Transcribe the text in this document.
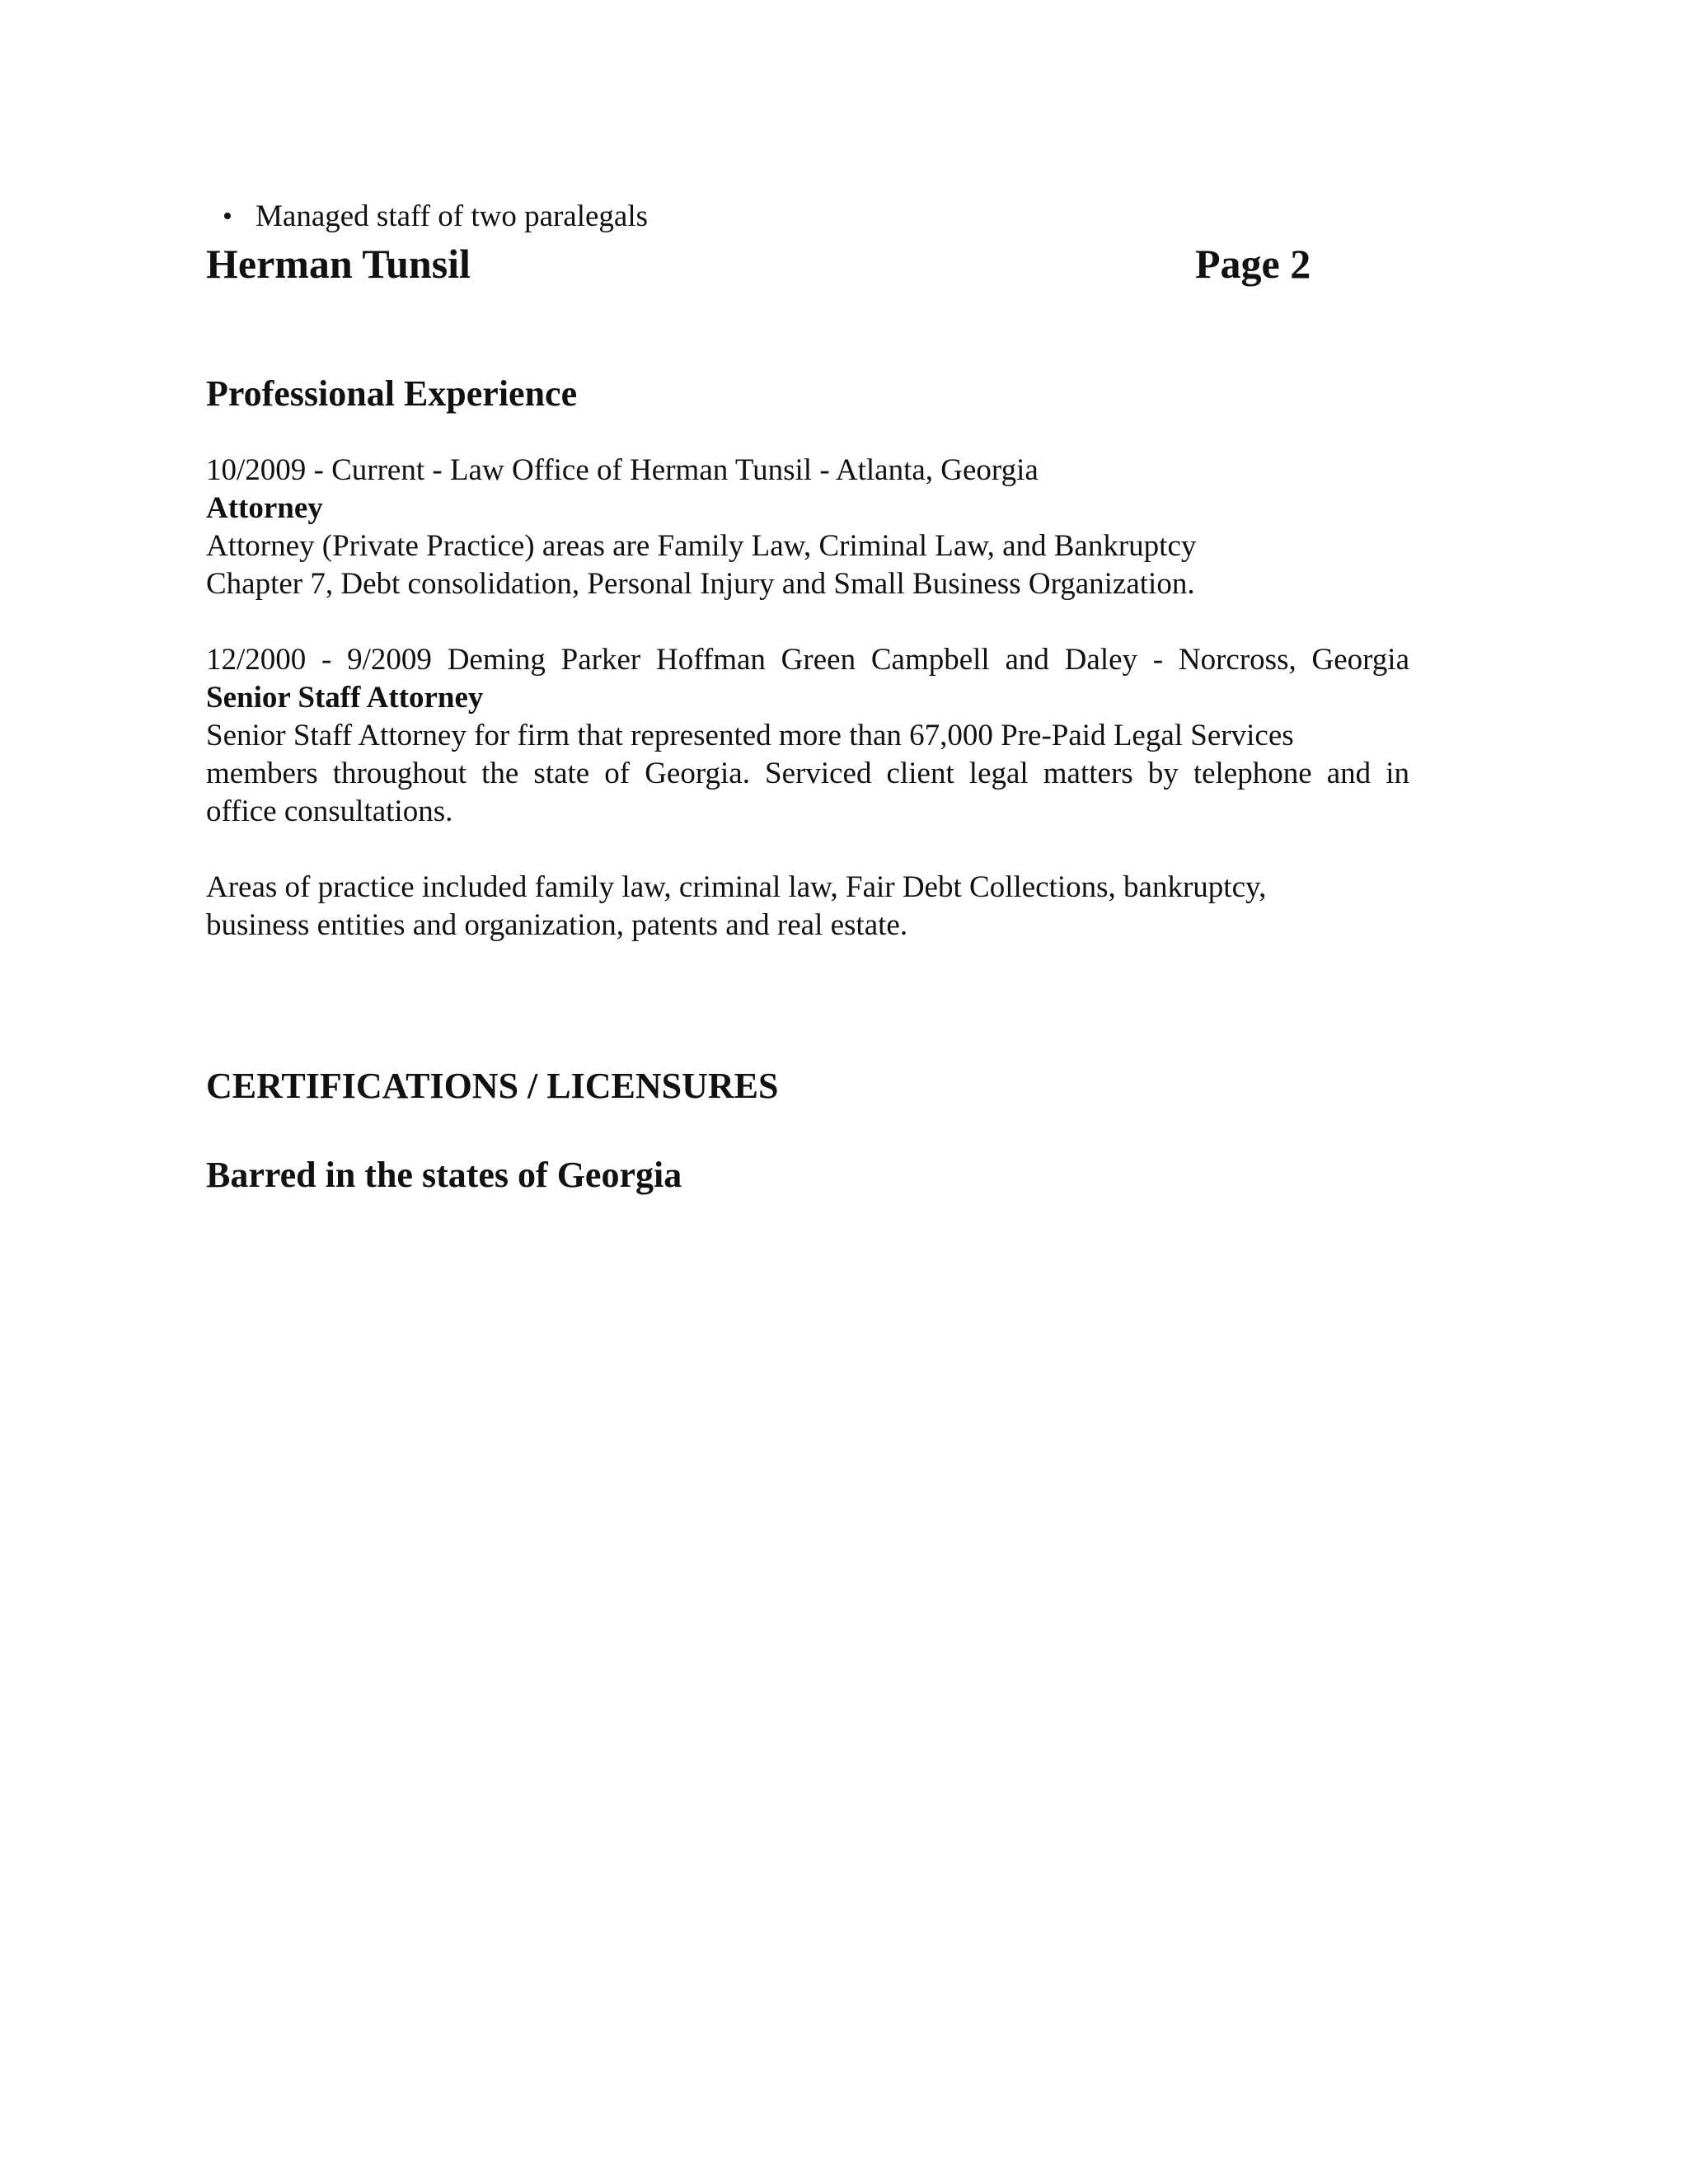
• Managed staff of two paralegals
Herman Tunsil	Page 2
Professional Experience
10/2009 - Current - Law Office of Herman Tunsil - Atlanta, Georgia
Attorney
Attorney (Private Practice) areas are Family Law, Criminal Law, and Bankruptcy
Chapter 7, Debt consolidation, Personal Injury and Small Business Organization.
12/2000 - 9/2009 Deming Parker Hoffman Green Campbell and Daley - Norcross, Georgia
Senior Staff Attorney
Senior Staff Attorney for firm that represented more than 67,000 Pre-Paid Legal Services
members throughout the state of Georgia. Serviced client legal matters by telephone and in
office consultations.
Areas of practice included family law, criminal law, Fair Debt Collections, bankruptcy,
business entities and organization, patents and real estate.
CERTIFICATIONS / LICENSURES
Barred in the states of Georgia
